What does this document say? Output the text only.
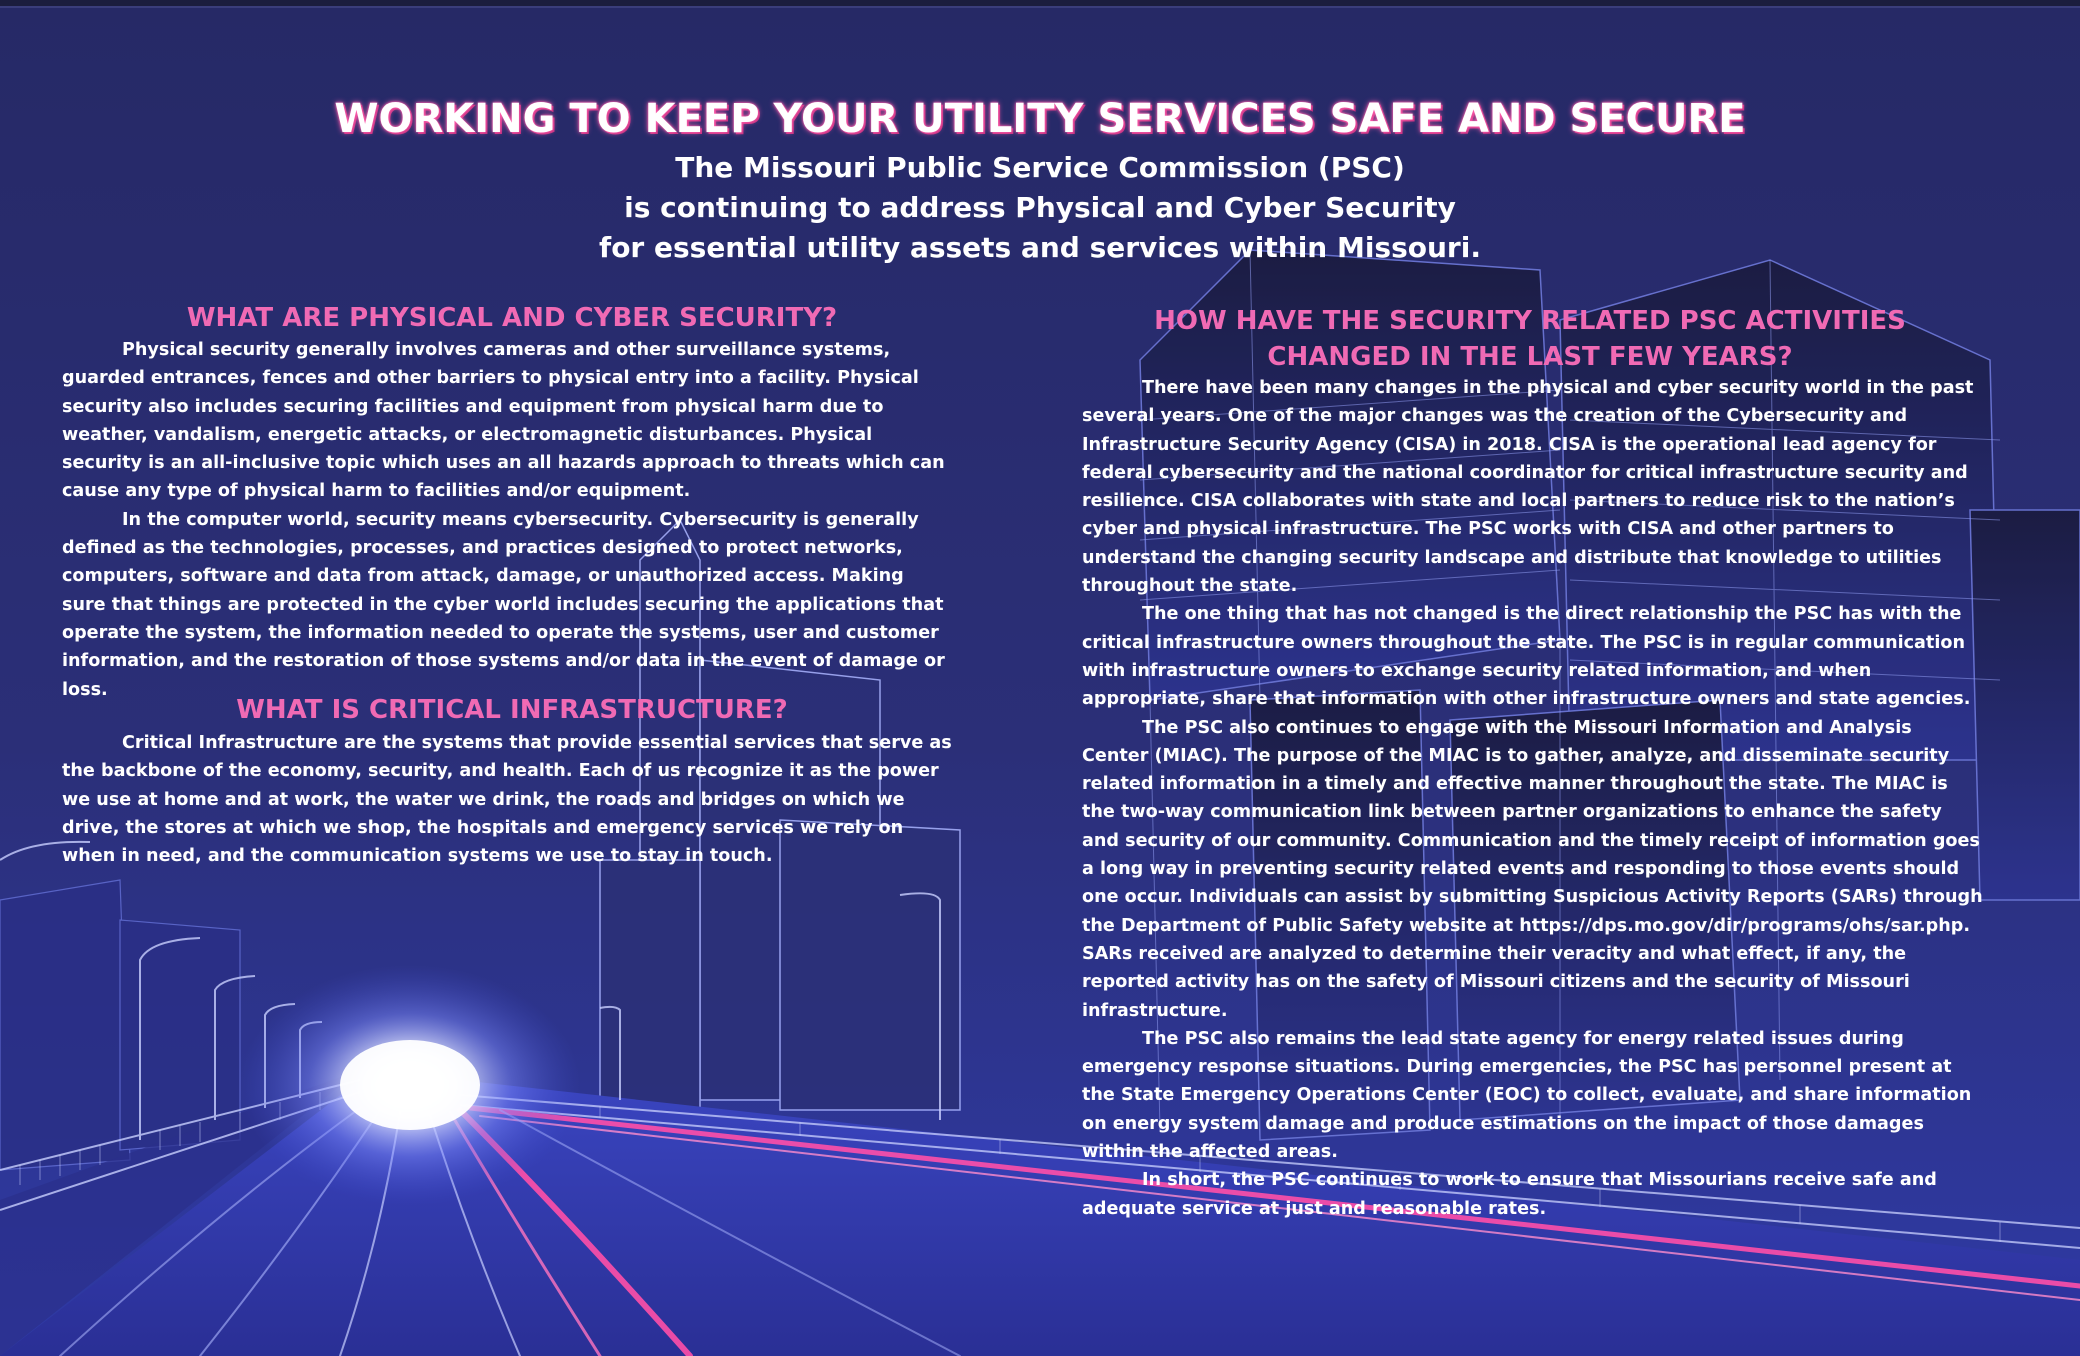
WORKING TO KEEP YOUR UTILITY SERVICES SAFE AND SECURE
The Missouri Public Service Commission (PSC)
is continuing to address Physical and Cyber Security
for essential utility assets and services within Missouri.
WHAT ARE PHYSICAL AND CYBER SECURITY?

Physical security generally involves cameras and other surveillance systems, guarded entrances, fences and other barriers to physical entry into a facility. Physical security also includes securing facilities and equipment from physical harm due to weather, vandalism, energetic attacks, or electromagnetic disturbances. Physical security is an all-inclusive topic which uses an all hazards approach to threats which can cause any type of physical harm to facilities and/or equipment.

In the computer world, security means cybersecurity. Cybersecurity is generally defined as the technologies, processes, and practices designed to protect networks, computers, software and data from attack, damage, or unauthorized access. Making sure that things are protected in the cyber world includes securing the applications that operate the system, the information needed to operate the systems, user and customer information, and the restoration of those systems and/or data in the event of damage or loss.

WHAT IS CRITICAL INFRASTRUCTURE?

Critical Infrastructure are the systems that provide essential services that serve as the backbone of the economy, security, and health. Each of us recognize it as the power we use at home and at work, the water we drink, the roads and bridges on which we drive, the stores at which we shop, the hospitals and emergency services we rely on when in need, and the communication systems we use to stay in touch.

HOW HAVE THE SECURITY RELATED PSC ACTIVITIES
CHANGED IN THE LAST FEW YEARS?

There have been many changes in the physical and cyber security world in the past several years. One of the major changes was the creation of the Cybersecurity and Infrastructure Security Agency (CISA) in 2018. CISA is the operational lead agency for federal cybersecurity and the national coordinator for critical infrastructure security and resilience. CISA collaborates with state and local partners to reduce risk to the nation’s cyber and physical infrastructure. The PSC works with CISA and other partners to understand the changing security landscape and distribute that knowledge to utilities throughout the state.

The one thing that has not changed is the direct relationship the PSC has with the critical infrastructure owners throughout the state. The PSC is in regular communication with infrastructure owners to exchange security related information, and when appropriate, share that information with other infrastructure owners and state agencies.

The PSC also continues to engage with the Missouri Information and Analysis Center (MIAC). The purpose of the MIAC is to gather, analyze, and disseminate security related information in a timely and effective manner throughout the state. The MIAC is the two-way communication link between partner organizations to enhance the safety and security of our community. Communication and the timely receipt of information goes a long way in preventing security related events and responding to those events should one occur. Individuals can assist by submitting Suspicious Activity Reports (SARs) through the Department of Public Safety website at https://dps.mo.gov/dir/programs/ohs/sar.php. SARs received are analyzed to determine their veracity and what effect, if any, the reported activity has on the safety of Missouri citizens and the security of Missouri infrastructure.

The PSC also remains the lead state agency for energy related issues during emergency response situations. During emergencies, the PSC has personnel present at the State Emergency Operations Center (EOC) to collect, evaluate, and share information on energy system damage and produce estimations on the impact of those damages within the affected areas.

In short, the PSC continues to work to ensure that Missourians receive safe and adequate service at just and reasonable rates.
